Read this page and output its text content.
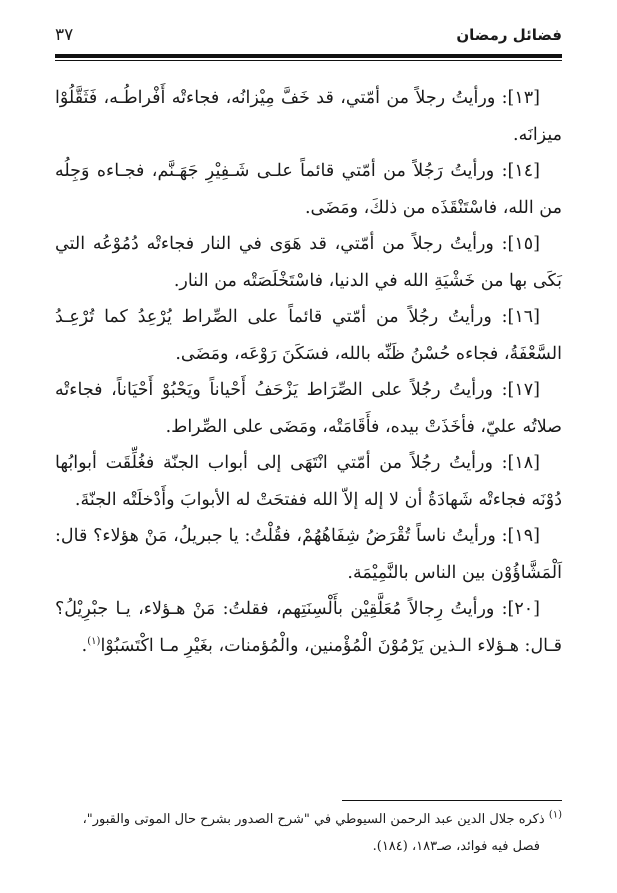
فضائل رمضان
٣٧

[١٣]: ورأيتُ رجلاً من أمّتي، قد خَفَّ مِيْزانُه، فجاءتْه أَفْراطُـه، فَثَقَّلُوْا ميزانَه.

[١٤]: ورأيتُ رَجُلاً من أمّتي قائماً علـى شَـفِيْرِ جَهَـنَّم، فجـاءه وَجِلُه من الله، فاسْتَنْقَذَه من ذلكَ، ومَضَى.

[١٥]: ورأيتُ رجلاً من أمّتي، قد هَوَى في النار فجاءتْه دُمُوْعُه التي بَكَى بها من خَشْيَةِ الله في الدنيا، فاسْتَخْلَصَتْه من النار.

[١٦]: ورأيتُ رجُلاً من أمّتي قائماً على الصِّراط يُرْعِدُ كما تُرْعِـدُ السَّعْفَةُ، فجاءه حُسْنُ ظَنِّه بالله، فسَكَنَ رَوْعَه، ومَضَى.

[١٧]: ورأيتُ رجُلاً على الصِّرَاط يَزْحَفُ أَحْياناً ويَحْبُوْ أَحْيَاناً، فجاءتْه صلاتُه عليّ، فأخَذَتْ بيده، فأَقَامَتْه، ومَضَى على الصِّراط.

[١٨]: ورأيتُ رجُلاً من أمّتي انْتَهَى إلى أبواب الجنّة فغُلِّقَت أبوابُها دُوْنَه فجاءتْه شَهادَةُ أن لا إله إلاّ الله ففتحَتْ له الأبوابَ وأَدْخلَتْه الجنّةَ.

[١٩]: ورأيتُ ناساً تُقْرَضُ شِفَاهُهُمْ، فقُلْتُ: يا جبريلُ، مَنْ هؤلاء؟ قال: اَلْمَشَّاؤُوْن بين الناس بالنَّمِيْمَة.

[٢٠]: ورأيتُ رِجالاً مُعَلَّقِيْن بأَلْسِنَتِهم، فقلتُ: مَنْ هـؤلاء، يـا جبْرِيْلُ؟ قـال: هـؤلاء الـذين يَرْمُوْنَ الْمُؤْمنين، والْمُؤمنات، بغَيْرِ مـا اكْتَسَبُوْا$^{(١)}$.

$^{(١)}$ ذكره جلال الدين عبد الرحمن السيوطي في "شرح الصدور بشرح حال الموتى والقبور"،
فصل فيه فوائد، صـ١٨٣، (١٨٤).
